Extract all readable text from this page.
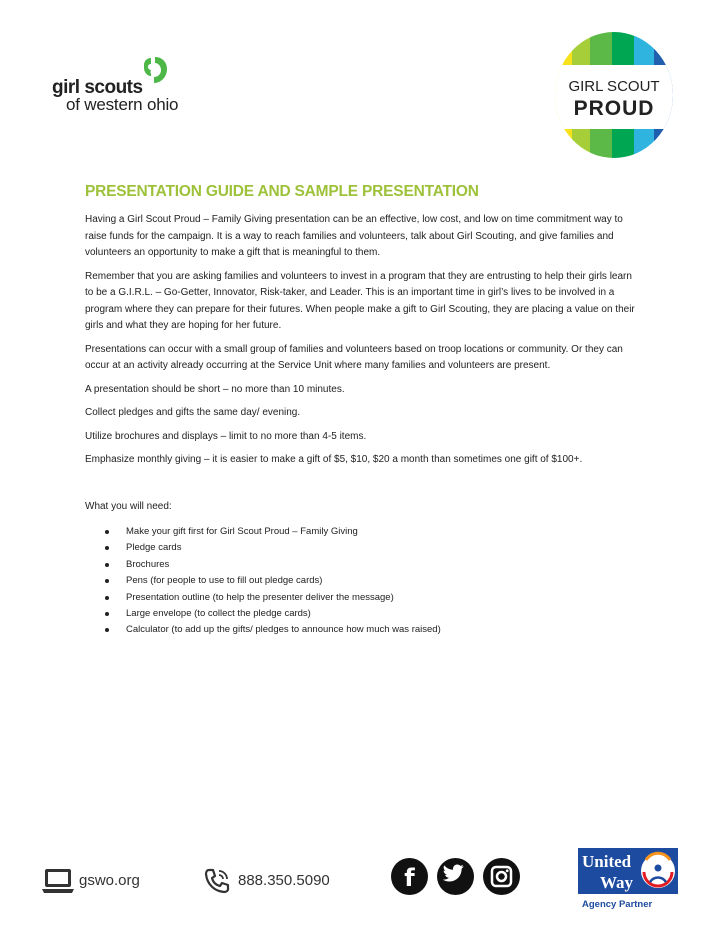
girl scouts
of western ohio
GIRL SCOUT
PROUD
PRESENTATION GUIDE AND SAMPLE PRESENTATION

Having a Girl Scout Proud – Family Giving presentation can be an effective, low cost, and low on time commitment way to raise funds for the campaign. It is a way to reach families and volunteers, talk about Girl Scouting, and give families and volunteers an opportunity to make a gift that is meaningful to them.

Remember that you are asking families and volunteers to invest in a program that they are entrusting to help their girls learn to be a G.I.R.L. – Go-Getter, Innovator, Risk-taker, and Leader. This is an important time in girl’s lives to be involved in a program where they can prepare for their futures. When people make a gift to Girl Scouting, they are placing a value on their girls and what they are hoping for her future.

Presentations can occur with a small group of families and volunteers based on troop locations or community. Or they can occur at an activity already occurring at the Service Unit where many families and volunteers are present.

A presentation should be short – no more than 10 minutes.

Collect pledges and gifts the same day/ evening.

Utilize brochures and displays – limit to no more than 4-5 items.

Emphasize monthly giving – it is easier to make a gift of $5, $10, $20 a month than sometimes one gift of $100+.

What you will need:

Make your gift first for Girl Scout Proud – Family Giving
Pledge cards
Brochures
Pens (for people to use to fill out pledge cards)
Presentation outline (to help the presenter deliver the message)
Large envelope (to collect the pledge cards)
Calculator (to add up the gifts/ pledges to announce how much was raised)
gswo.org	888.350.5090	f
United
Way
Agency Partner
